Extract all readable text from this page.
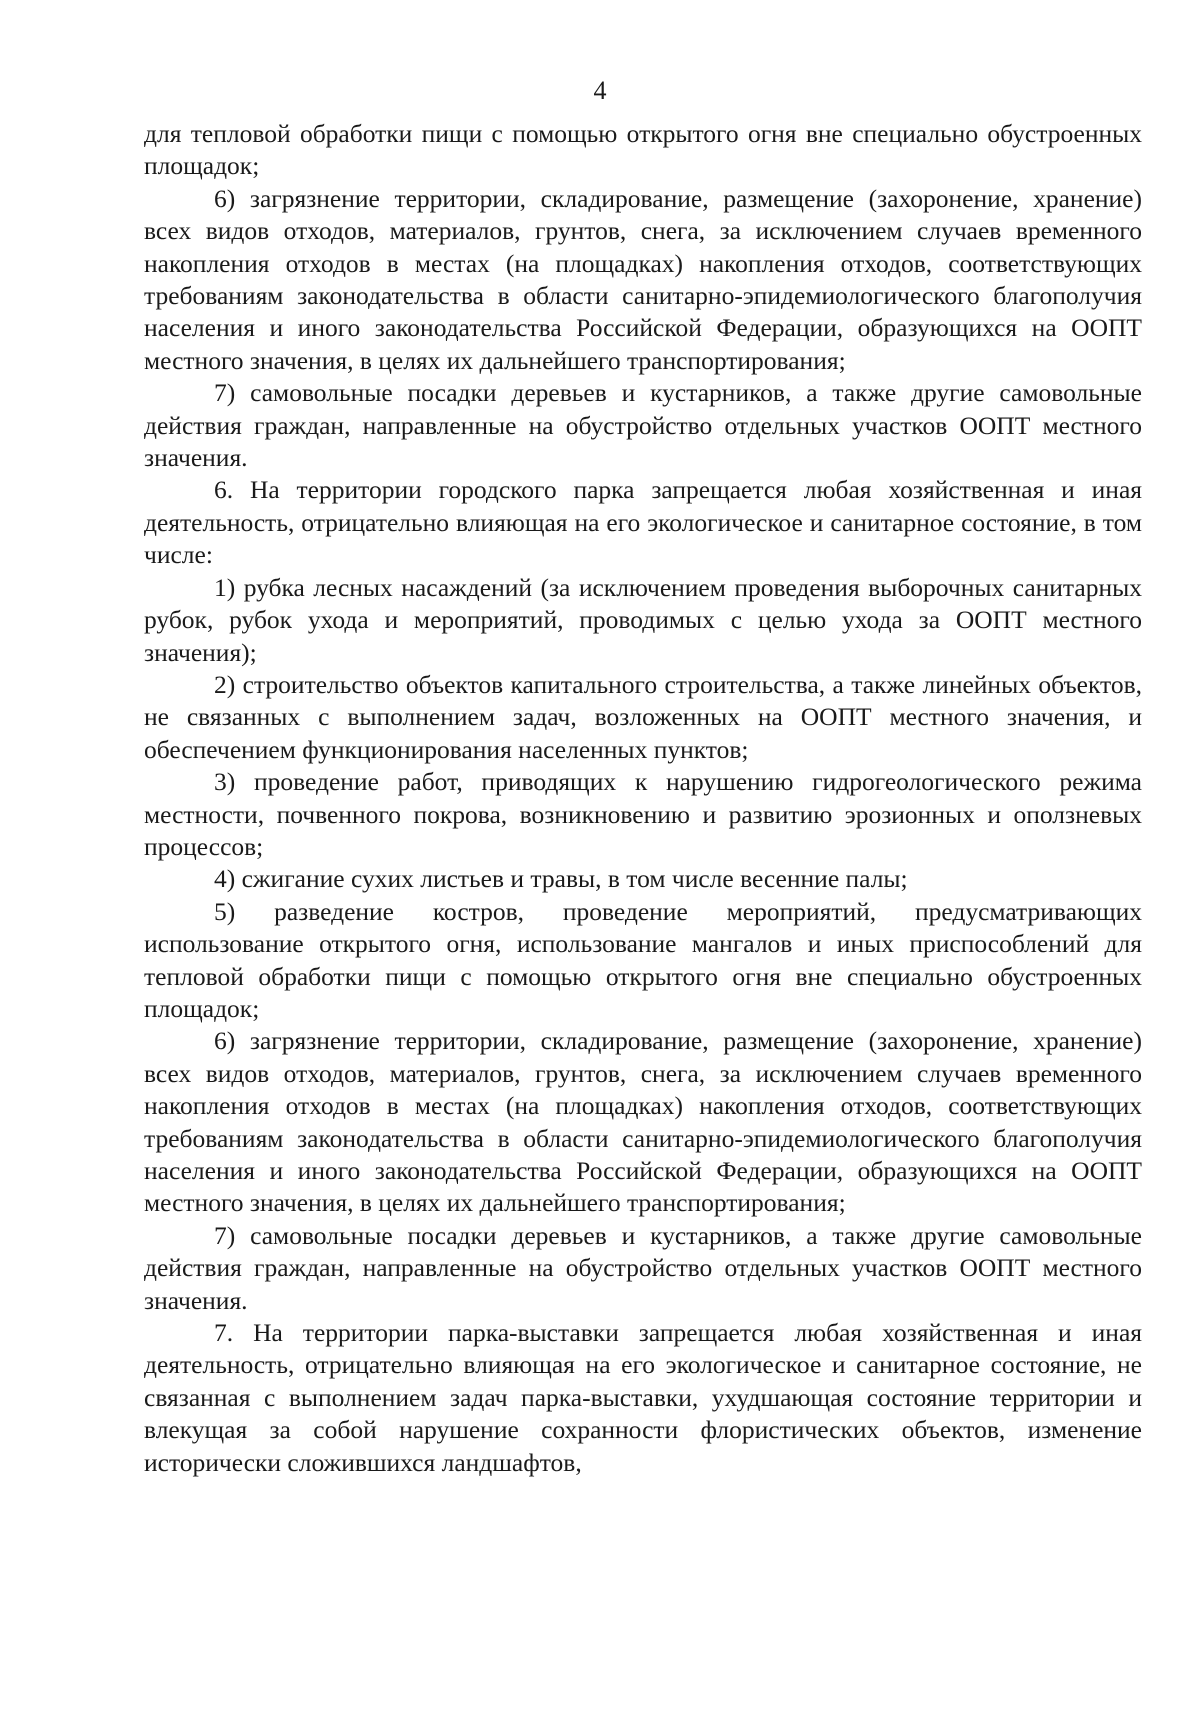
4

для тепловой обработки пищи с помощью открытого огня вне специально обустроенных площадок;

6) загрязнение территории, складирование, размещение (захоронение, хранение) всех видов отходов, материалов, грунтов, снега, за исключением случаев временного накопления отходов в местах (на площадках) накопления отходов, соответствующих требованиям законодательства в области санитарно-эпидемиологического благополучия населения и иного законодательства Российской Федерации, образующихся на ООПТ местного значения, в целях их дальнейшего транспортирования;

7) самовольные посадки деревьев и кустарников, а также другие самовольные действия граждан, направленные на обустройство отдельных участков ООПТ местного значения.

6. На территории городского парка запрещается любая хозяйственная и иная деятельность, отрицательно влияющая на его экологическое и санитарное состояние, в том числе:

1) рубка лесных насаждений (за исключением проведения выборочных санитарных рубок, рубок ухода и мероприятий, проводимых с целью ухода за ООПТ местного значения);

2) строительство объектов капитального строительства, а также линейных объектов, не связанных с выполнением задач, возложенных на ООПТ местного значения, и обеспечением функционирования населенных пунктов;

3) проведение работ, приводящих к нарушению гидрогеологического режима местности, почвенного покрова, возникновению и развитию эрозионных и оползневых процессов;

4) сжигание сухих листьев и травы, в том числе весенние палы;

5) разведение костров, проведение мероприятий, предусматривающих использование открытого огня, использование мангалов и иных приспособлений для тепловой обработки пищи с помощью открытого огня вне специально обустроенных площадок;

6) загрязнение территории, складирование, размещение (захоронение, хранение) всех видов отходов, материалов, грунтов, снега, за исключением случаев временного накопления отходов в местах (на площадках) накопления отходов, соответствующих требованиям законодательства в области санитарно-эпидемиологического благополучия населения и иного законодательства Российской Федерации, образующихся на ООПТ местного значения, в целях их дальнейшего транспортирования;

7) самовольные посадки деревьев и кустарников, а также другие самовольные действия граждан, направленные на обустройство отдельных участков ООПТ местного значения.

7. На территории парка-выставки запрещается любая хозяйственная и иная деятельность, отрицательно влияющая на его экологическое и санитарное состояние, не связанная с выполнением задач парка-выставки, ухудшающая состояние территории и влекущая за собой нарушение сохранности флористических объектов, изменение исторически сложившихся ландшафтов,
